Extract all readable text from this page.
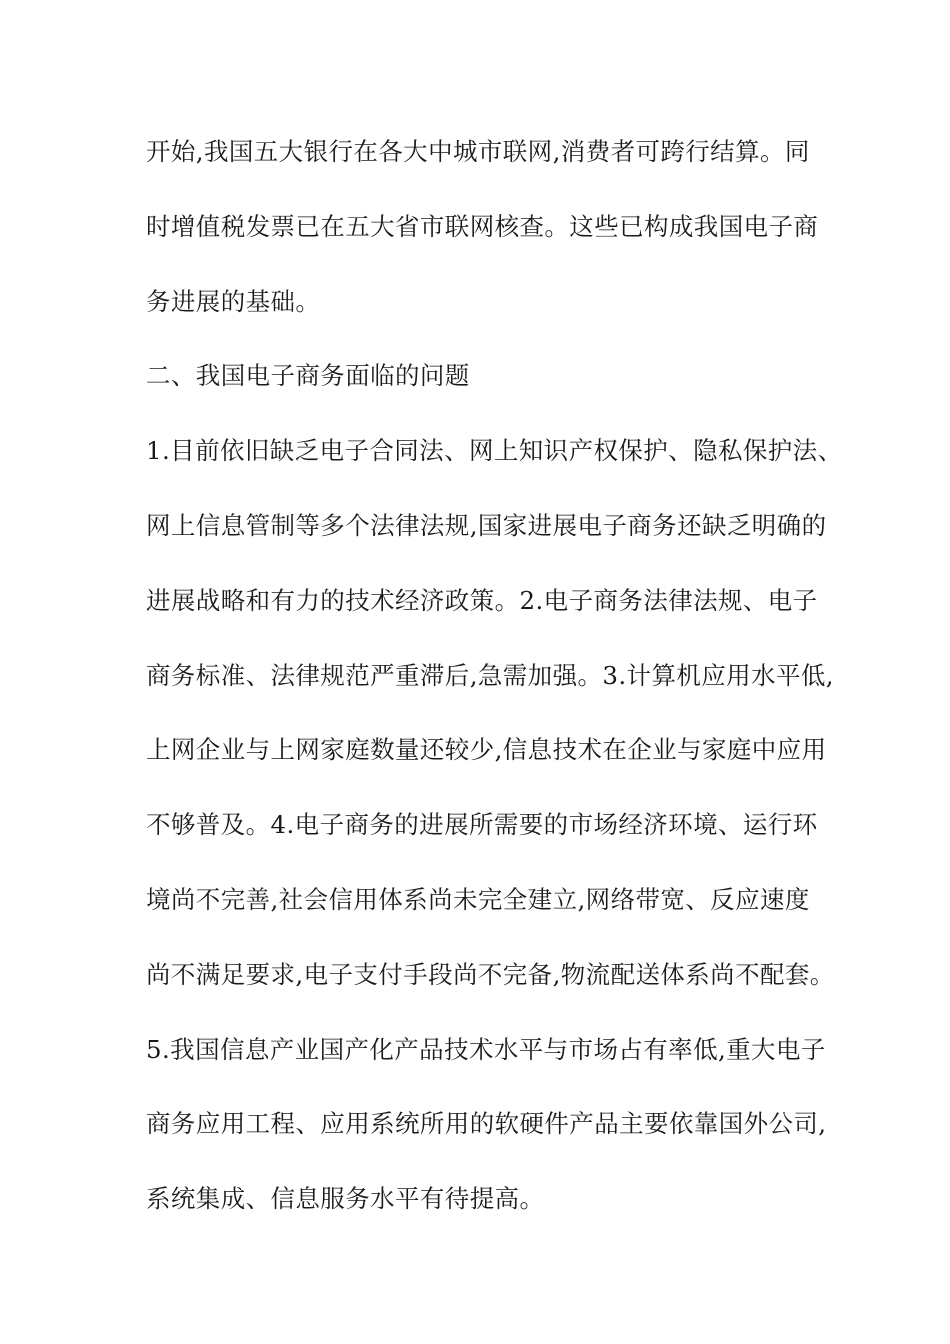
开始,我国五大银行在各大中城市联网,消费者可跨行结算。同
时增值税发票已在五大省市联网核查。这些已构成我国电子商
务进展的基础。
二、我国电子商务面临的问题
1.目前依旧缺乏电子合同法、网上知识产权保护、隐私保护法、
网上信息管制等多个法律法规,国家进展电子商务还缺乏明确的
进展战略和有力的技术经济政策。2.电子商务法律法规、电子
商务标准、法律规范严重滞后,急需加强。3.计算机应用水平低,
上网企业与上网家庭数量还较少,信息技术在企业与家庭中应用
不够普及。4.电子商务的进展所需要的市场经济环境、运行环
境尚不完善,社会信用体系尚未完全建立,网络带宽、反应速度
尚不满足要求,电子支付手段尚不完备,物流配送体系尚不配套。
5.我国信息产业国产化产品技术水平与市场占有率低,重大电子
商务应用工程、应用系统所用的软硬件产品主要依靠国外公司,
系统集成、信息服务水平有待提高。
